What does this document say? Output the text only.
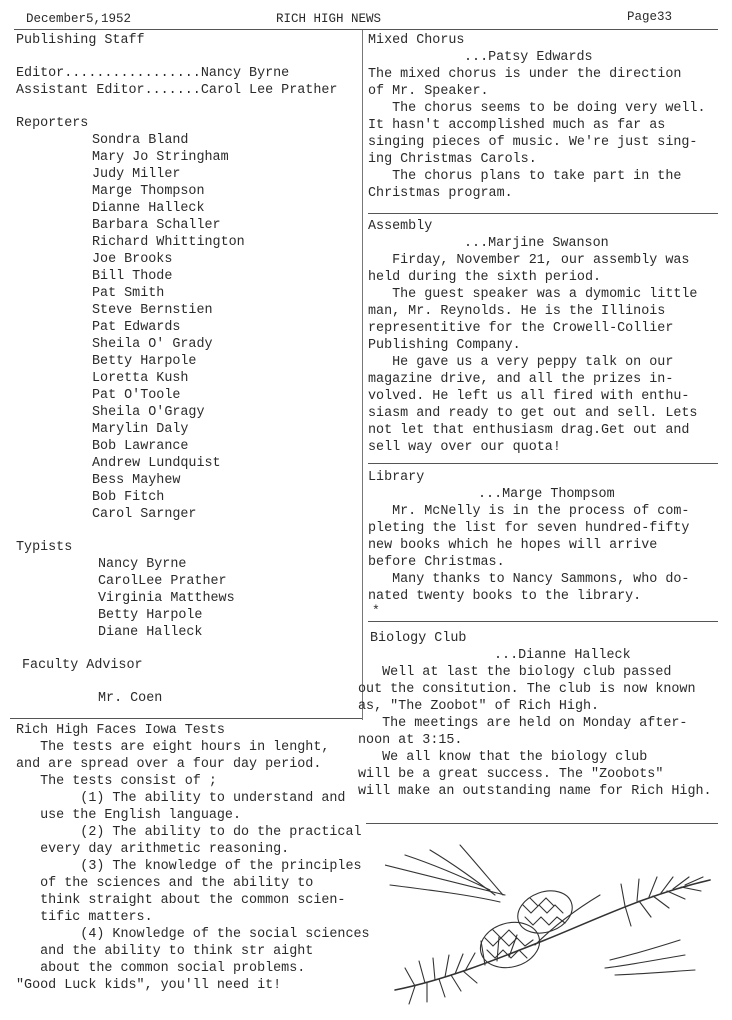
December5,1952	RICH HIGH NEWS	Page33

Publishing Staff

Editor................. Nancy Byrne
Assistant Editor....... Carol Lee Prather

Reporters

Sondra Bland

Mary Jo Stringham

Judy Miller

Marge Thompson

Dianne Halleck

Barbara Schaller

Richard Whittington

Joe Brooks

Bill Thode

Pat Smith

Steve Bernstien

Pat Edwards

Sheila O' Grady

Betty Harpole

Loretta Kush

Pat O'Toole

Sheila O'Gragy

Marylin Daly

Bob Lawrance

Andrew Lundquist

Bess Mayhew

Bob Fitch

Carol Sarnger

Typists

Nancy Byrne

CarolLee Prather

Virginia Matthews

Betty Harpole

Diane Halleck

Faculty Advisor

Mr. Coen

Rich High Faces Iowa Tests

The tests are eight hours in lenght,

and are spread over a four day period.

The tests consist of ;

(1) The ability to understand and

use the English language.

(2) The ability to do the practical

every day arithmetic reasoning.

(3) The knowledge of the principles

of the sciences and the ability to

think straight about the common scien-

tific matters.

(4) Knowledge of the social sciences

and the ability to think str aight

about the common social problems.

"Good Luck kids", you'll need it!

Mixed Chorus

...Patsy Edwards

The mixed chorus is under the direction

of Mr. Speaker.

The chorus seems to be doing very well.

It hasn't accomplished much as far as

singing pieces of music. We're just sing-

ing Christmas Carols.

The chorus plans to take part in the

Christmas program.

Assembly

...Marjine Swanson

Firday, November 21, our assembly was

held during the sixth period.

The guest speaker was a dymomic little

man, Mr. Reynolds. He is the Illinois

representitive for the Crowell-Collier

Publishing Company.

He gave us a very peppy talk on our

magazine drive, and all the prizes in-

volved. He left us all fired with enthu-

siasm and ready to get out and sell. Lets

not let that enthusiasm drag.Get out and

sell way over our quota!

Library

...Marge Thompsom

Mr. McNelly is in the process of com-

pleting the list for seven hundred-fifty

new books which he hopes will arrive

before Christmas.

Many thanks to Nancy Sammons, who do-

nated twenty books to the library.

*

Biology Club

...Dianne Halleck

Well at last the biology club passed

out the consitution. The club is now known

as, "The Zoobot" of Rich High.

The meetings are held on Monday after-

noon at 3:15.

We all know that the biology club

will be a great success. The "Zoobots"

will make an outstanding name for Rich High.
